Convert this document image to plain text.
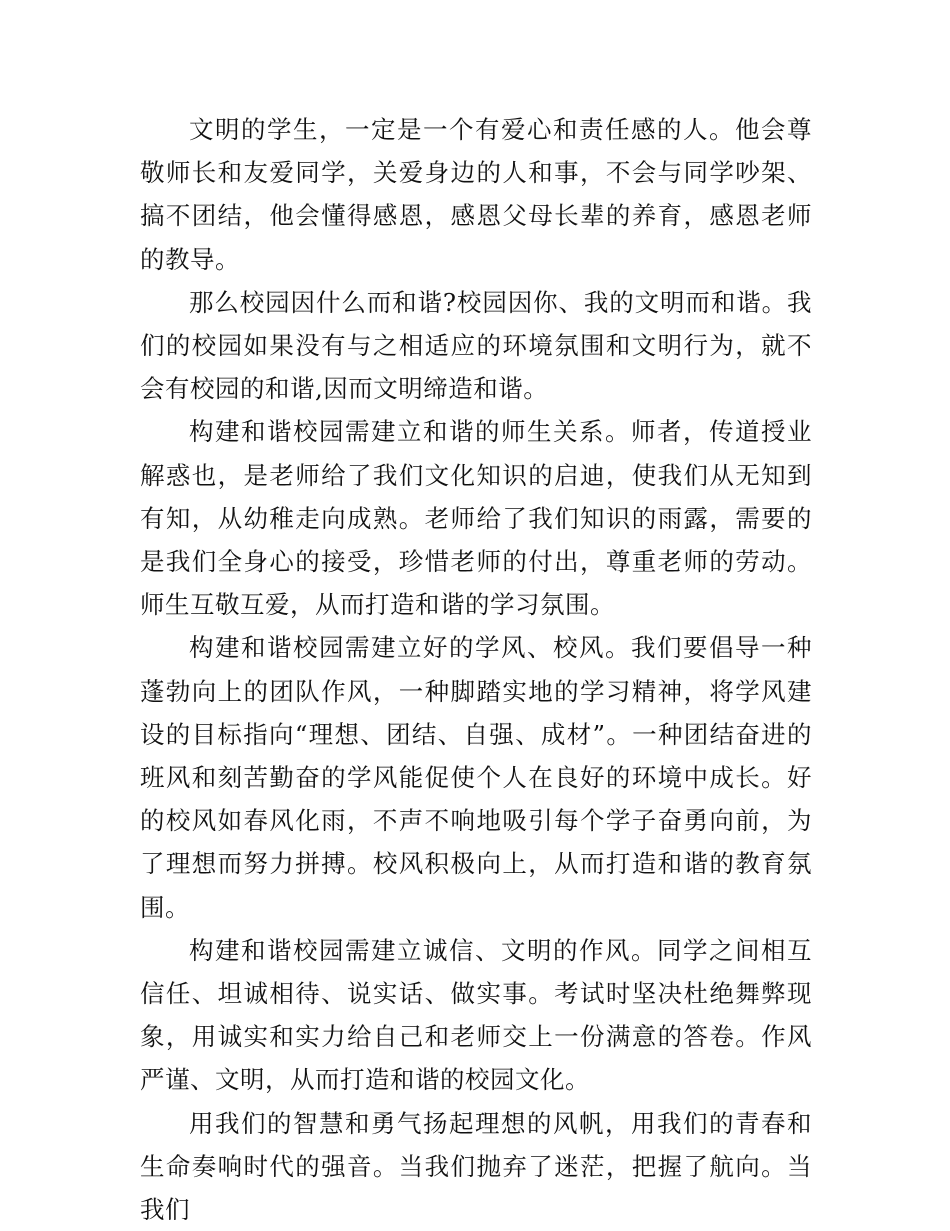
文明的学生，一定是一个有爱心和责任感的人。他会尊敬师长和友爱同学，关爱身边的人和事，不会与同学吵架、搞不团结，他会懂得感恩，感恩父母长辈的养育，感恩老师的教导。

那么校园因什么而和谐?校园因你、我的文明而和谐。我们的校园如果没有与之相适应的环境氛围和文明行为，就不会有校园的和谐,因而文明缔造和谐。

构建和谐校园需建立和谐的师生关系。师者，传道授业解惑也，是老师给了我们文化知识的启迪，使我们从无知到有知，从幼稚走向成熟。老师给了我们知识的雨露，需要的是我们全身心的接受，珍惜老师的付出，尊重老师的劳动。师生互敬互爱，从而打造和谐的学习氛围。

构建和谐校园需建立好的学风、校风。我们要倡导一种蓬勃向上的团队作风，一种脚踏实地的学习精神，将学风建设的目标指向“理想、团结、自强、成材”。一种团结奋进的班风和刻苦勤奋的学风能促使个人在良好的环境中成长。好的校风如春风化雨，不声不响地吸引每个学子奋勇向前，为了理想而努力拼搏。校风积极向上，从而打造和谐的教育氛围。

构建和谐校园需建立诚信、文明的作风。同学之间相互信任、坦诚相待、说实话、做实事。考试时坚决杜绝舞弊现象，用诚实和实力给自己和老师交上一份满意的答卷。作风严谨、文明，从而打造和谐的校园文化。

用我们的智慧和勇气扬起理想的风帆，用我们的青春和生命奏响时代的强音。当我们抛弃了迷茫，把握了航向。当我们
